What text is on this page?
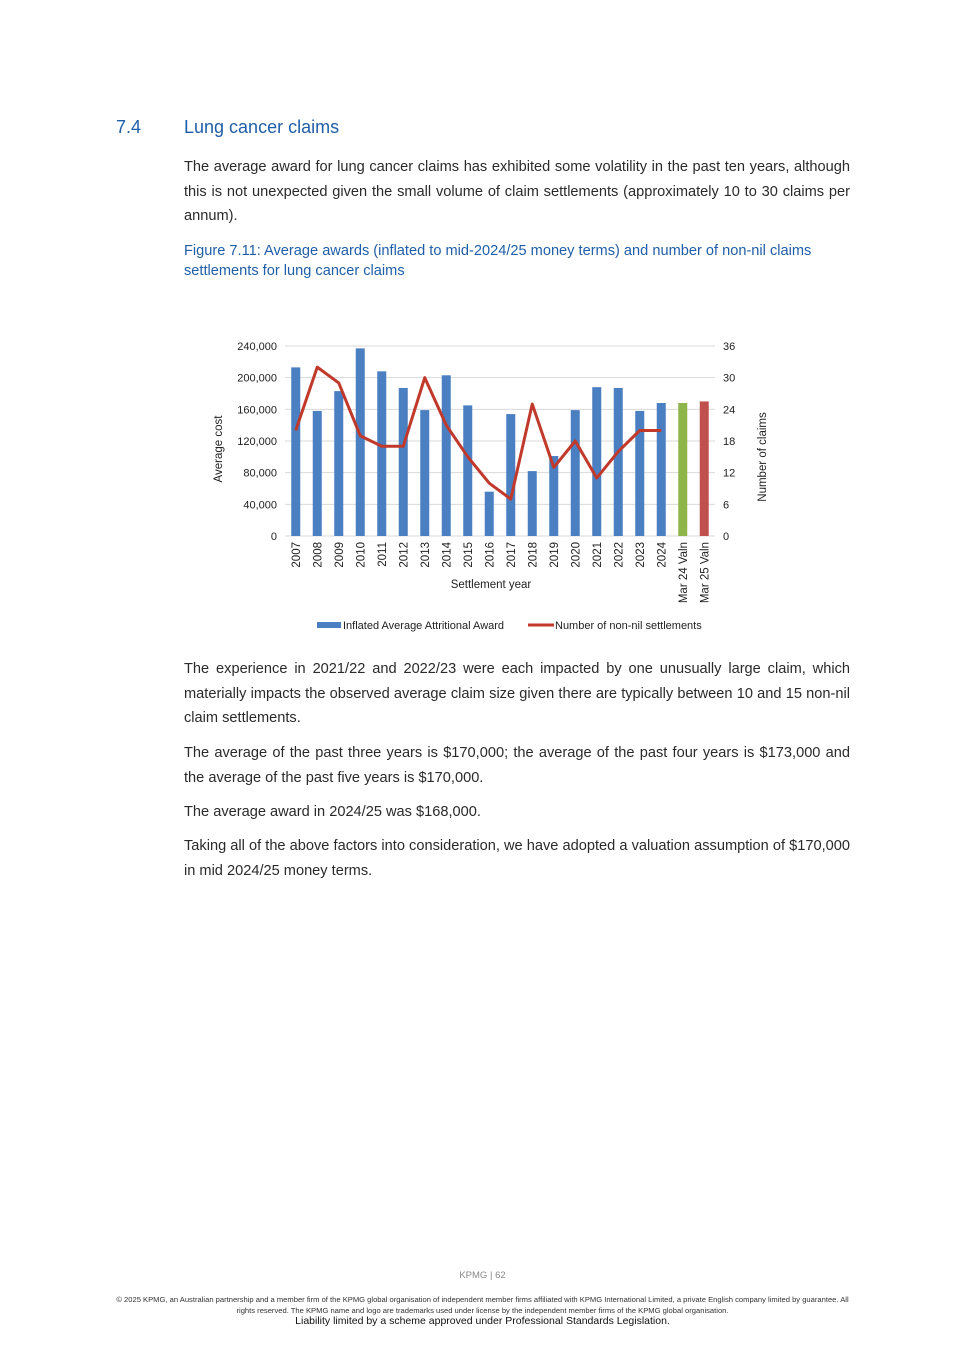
7.4 Lung cancer claims
The average award for lung cancer claims has exhibited some volatility in the past ten years, although this is not unexpected given the small volume of claim settlements (approximately 10 to 30 claims per annum).
Figure 7.11: Average awards (inflated to mid-2024/25 money terms) and number of non-nil claims settlements for lung cancer claims
0
40,000
80,000
120,000
160,000
200,000
240,000
0
6
12
18
24
30
36
Average cost	Number of claims
2007 2008 2009 2010 2011 2012 2013 2014 2015 2016 2017 2018 2019 2020 2021 2022 2023 2024 Mar 24 Valn Mar 25 Valn
Settlement year
Inflated Average Attritional Award	Number of non-nil settlements
The experience in 2021/22 and 2022/23 were each impacted by one unusually large claim, which materially impacts the observed average claim size given there are typically between 10 and 15 non-nil claim settlements.
The average of the past three years is $170,000; the average of the past four years is $173,000 and the average of the past five years is $170,000.
The average award in 2024/25 was $168,000.
Taking all of the above factors into consideration, we have adopted a valuation assumption of $170,000 in mid 2024/25 money terms.
KPMG | 62
© 2025 KPMG, an Australian partnership and a member firm of the KPMG global organisation of independent member firms affiliated with KPMG International Limited, a private English company limited by guarantee. All rights reserved. The KPMG name and logo are trademarks used under license by the independent member firms of the KPMG global organisation.
Liability limited by a scheme approved under Professional Standards Legislation.
